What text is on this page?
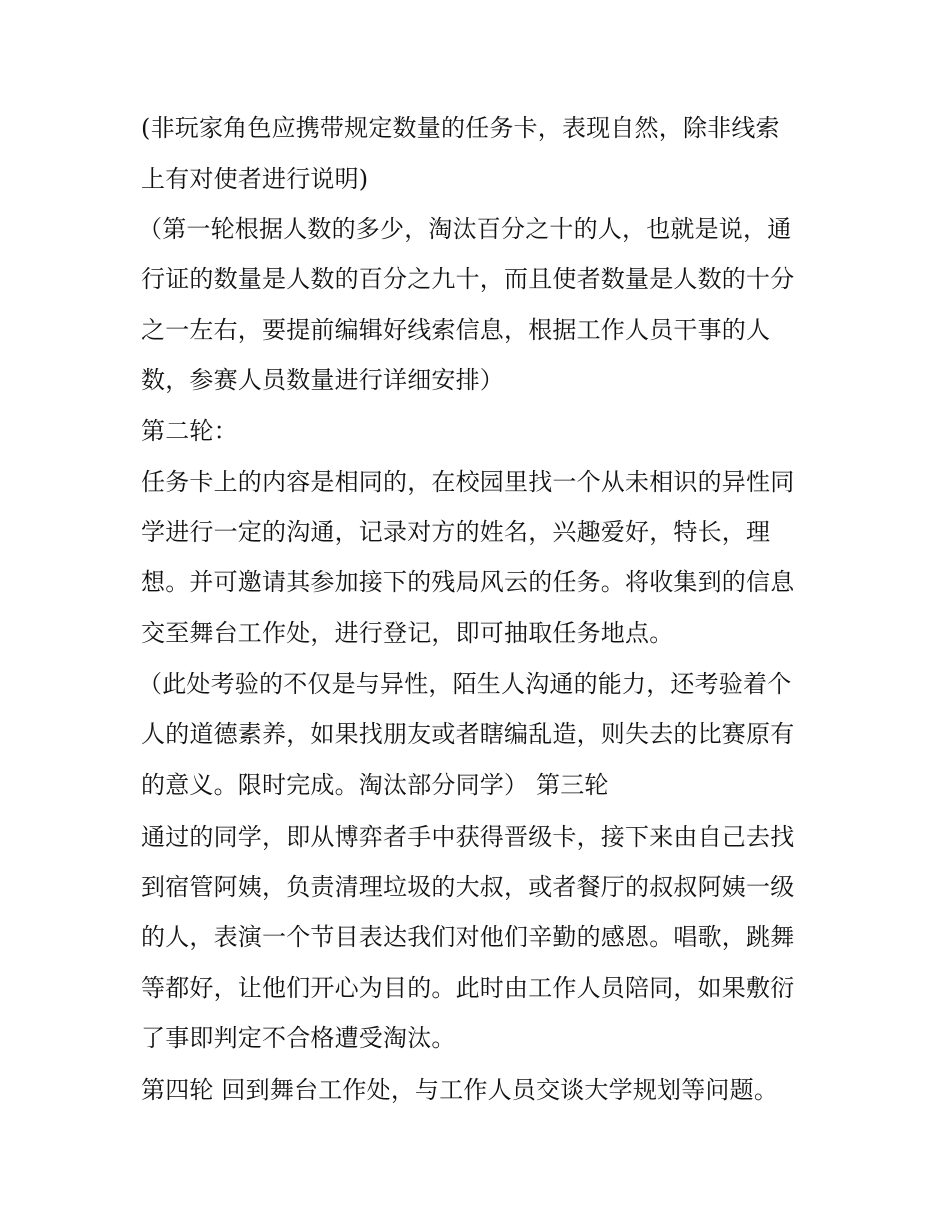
(非玩家角色应携带规定数量的任务卡，表现自然，除非线索
上有对使者进行说明)
（第一轮根据人数的多少，淘汰百分之十的人，也就是说，通
行证的数量是人数的百分之九十，而且使者数量是人数的十分
之一左右，要提前编辑好线索信息，根据工作人员干事的人
数，参赛人员数量进行详细安排）
第二轮：
任务卡上的内容是相同的，在校园里找一个从未相识的异性同
学进行一定的沟通，记录对方的姓名，兴趣爱好，特长，理
想。并可邀请其参加接下的残局风云的任务。将收集到的信息
交至舞台工作处，进行登记，即可抽取任务地点。
（此处考验的不仅是与异性，陌生人沟通的能力，还考验着个
人的道德素养，如果找朋友或者瞎编乱造，则失去的比赛原有
的意义。限时完成。淘汰部分同学） 第三轮
通过的同学，即从博弈者手中获得晋级卡，接下来由自己去找
到宿管阿姨，负责清理垃圾的大叔，或者餐厅的叔叔阿姨一级
的人，表演一个节目表达我们对他们辛勤的感恩。唱歌，跳舞
等都好，让他们开心为目的。此时由工作人员陪同，如果敷衍
了事即判定不合格遭受淘汰。
第四轮 回到舞台工作处，与工作人员交谈大学规划等问题。
